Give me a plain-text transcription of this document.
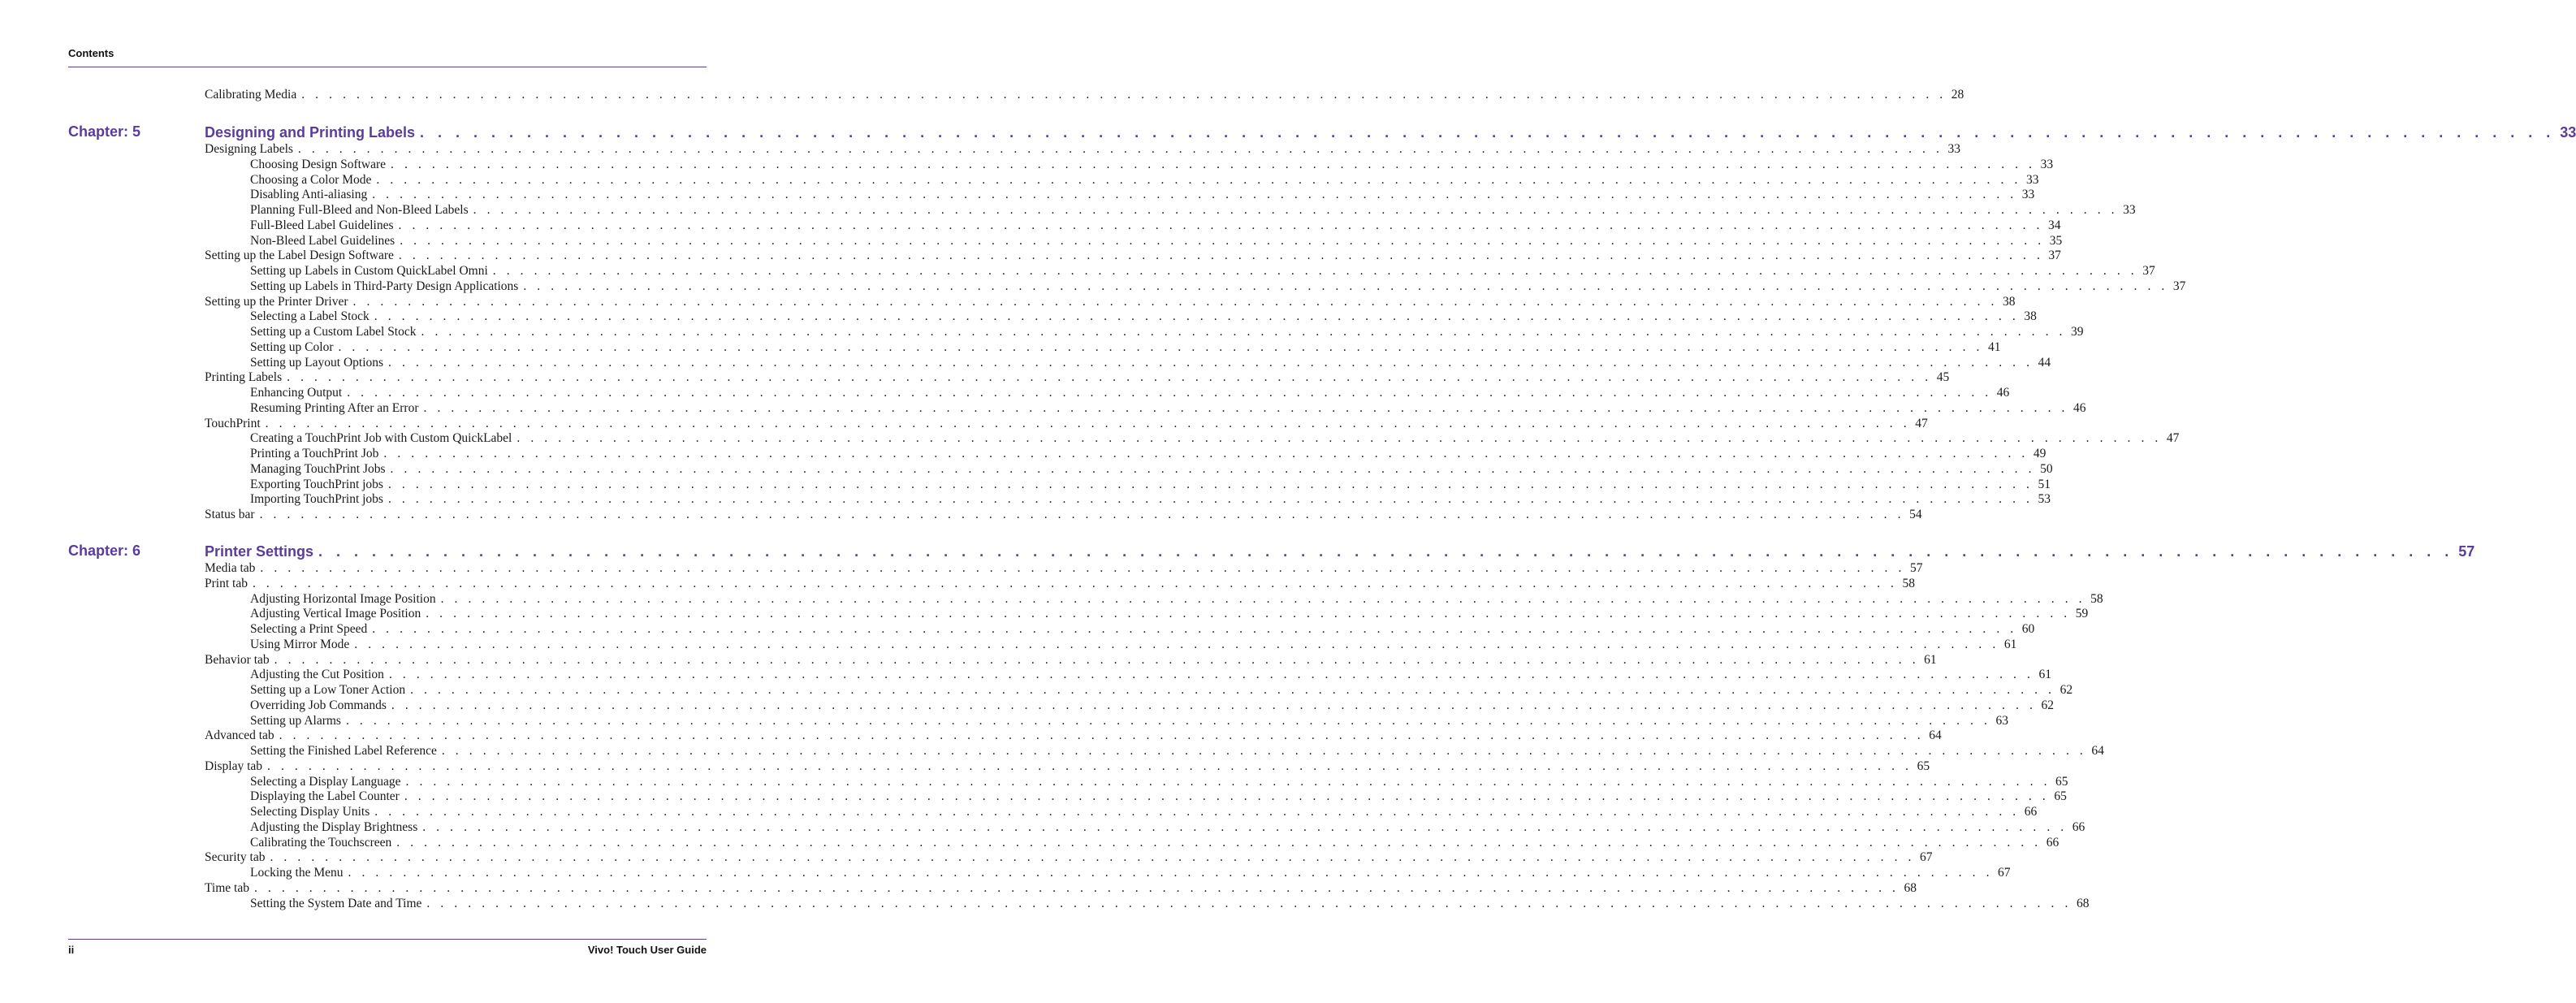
Contents
Calibrating Media . . . . . . . . . . . . . . . . . . . . . . . . . . . . . . . . . . . . . . . . . . . . . . . . . . . . . . . . . . . . . . . . . . . . . . . . . . . . . . . . . . . . . . . . . . . . . . . . . . . . . . . . . . . . . . . . . . . . . . . . 28
Chapter: 5	Designing and Printing Labels . . . . . . . . . . . . . . . . . . . . . . . . . . . . . . . . . . . . . . . . . . . . . . . . . . . . . . . . . . . . . . . . . . . . . . . . . . . . . . . . . . . . . . . . . . . . . . . . . . . . . . . . . . . . . . . . . . . . . . . . 33
Designing Labels . . . . . . . . . . . . . . . . . . . . . . . . . . . . . . . . . . . . . . . . . . . . . . . . . . . . . . . . . . . . . . . . . . . . . . . . . . . . . . . . . . . . . . . . . . . . . . . . . . . . . . . . . . . . . . . . . . . . . . . . 33
Choosing Design Software . . . . . . . . . . . . . . . . . . . . . . . . . . . . . . . . . . . . . . . . . . . . . . . . . . . . . . . . . . . . . . . . . . . . . . . . . . . . . . . . . . . . . . . . . . . . . . . . . . . . . . . . . . . . . . . . . . . . . . . . 33
Choosing a Color Mode . . . . . . . . . . . . . . . . . . . . . . . . . . . . . . . . . . . . . . . . . . . . . . . . . . . . . . . . . . . . . . . . . . . . . . . . . . . . . . . . . . . . . . . . . . . . . . . . . . . . . . . . . . . . . . . . . . . . . . . . 33
Disabling Anti-aliasing . . . . . . . . . . . . . . . . . . . . . . . . . . . . . . . . . . . . . . . . . . . . . . . . . . . . . . . . . . . . . . . . . . . . . . . . . . . . . . . . . . . . . . . . . . . . . . . . . . . . . . . . . . . . . . . . . . . . . . . . 33
Planning Full-Bleed and Non-Bleed Labels . . . . . . . . . . . . . . . . . . . . . . . . . . . . . . . . . . . . . . . . . . . . . . . . . . . . . . . . . . . . . . . . . . . . . . . . . . . . . . . . . . . . . . . . . . . . . . . . . . . . . . . . . . . . . . . . . . . . . . . . 33
Full-Bleed Label Guidelines . . . . . . . . . . . . . . . . . . . . . . . . . . . . . . . . . . . . . . . . . . . . . . . . . . . . . . . . . . . . . . . . . . . . . . . . . . . . . . . . . . . . . . . . . . . . . . . . . . . . . . . . . . . . . . . . . . . . . . . . 34
Non-Bleed Label Guidelines . . . . . . . . . . . . . . . . . . . . . . . . . . . . . . . . . . . . . . . . . . . . . . . . . . . . . . . . . . . . . . . . . . . . . . . . . . . . . . . . . . . . . . . . . . . . . . . . . . . . . . . . . . . . . . . . . . . . . . . . 35
Setting up the Label Design Software . . . . . . . . . . . . . . . . . . . . . . . . . . . . . . . . . . . . . . . . . . . . . . . . . . . . . . . . . . . . . . . . . . . . . . . . . . . . . . . . . . . . . . . . . . . . . . . . . . . . . . . . . . . . . . . . . . . . . . . . 37
Setting up Labels in Custom QuickLabel Omni . . . . . . . . . . . . . . . . . . . . . . . . . . . . . . . . . . . . . . . . . . . . . . . . . . . . . . . . . . . . . . . . . . . . . . . . . . . . . . . . . . . . . . . . . . . . . . . . . . . . . . . . . . . . . . . . . . . . . . . . 37
Setting up Labels in Third-Party Design Applications . . . . . . . . . . . . . . . . . . . . . . . . . . . . . . . . . . . . . . . . . . . . . . . . . . . . . . . . . . . . . . . . . . . . . . . . . . . . . . . . . . . . . . . . . . . . . . . . . . . . . . . . . . . . . . . . . . . . . . . . 37
Setting up the Printer Driver . . . . . . . . . . . . . . . . . . . . . . . . . . . . . . . . . . . . . . . . . . . . . . . . . . . . . . . . . . . . . . . . . . . . . . . . . . . . . . . . . . . . . . . . . . . . . . . . . . . . . . . . . . . . . . . . . . . . . . . . 38
Selecting a Label Stock . . . . . . . . . . . . . . . . . . . . . . . . . . . . . . . . . . . . . . . . . . . . . . . . . . . . . . . . . . . . . . . . . . . . . . . . . . . . . . . . . . . . . . . . . . . . . . . . . . . . . . . . . . . . . . . . . . . . . . . . 38
Setting up a Custom Label Stock . . . . . . . . . . . . . . . . . . . . . . . . . . . . . . . . . . . . . . . . . . . . . . . . . . . . . . . . . . . . . . . . . . . . . . . . . . . . . . . . . . . . . . . . . . . . . . . . . . . . . . . . . . . . . . . . . . . . . . . . 39
Setting up Color . . . . . . . . . . . . . . . . . . . . . . . . . . . . . . . . . . . . . . . . . . . . . . . . . . . . . . . . . . . . . . . . . . . . . . . . . . . . . . . . . . . . . . . . . . . . . . . . . . . . . . . . . . . . . . . . . . . . . . . . 41
Setting up Layout Options . . . . . . . . . . . . . . . . . . . . . . . . . . . . . . . . . . . . . . . . . . . . . . . . . . . . . . . . . . . . . . . . . . . . . . . . . . . . . . . . . . . . . . . . . . . . . . . . . . . . . . . . . . . . . . . . . . . . . . . . 44
Printing Labels . . . . . . . . . . . . . . . . . . . . . . . . . . . . . . . . . . . . . . . . . . . . . . . . . . . . . . . . . . . . . . . . . . . . . . . . . . . . . . . . . . . . . . . . . . . . . . . . . . . . . . . . . . . . . . . . . . . . . . . . 45
Enhancing Output . . . . . . . . . . . . . . . . . . . . . . . . . . . . . . . . . . . . . . . . . . . . . . . . . . . . . . . . . . . . . . . . . . . . . . . . . . . . . . . . . . . . . . . . . . . . . . . . . . . . . . . . . . . . . . . . . . . . . . . . 46
Resuming Printing After an Error . . . . . . . . . . . . . . . . . . . . . . . . . . . . . . . . . . . . . . . . . . . . . . . . . . . . . . . . . . . . . . . . . . . . . . . . . . . . . . . . . . . . . . . . . . . . . . . . . . . . . . . . . . . . . . . . . . . . . . . . 46
TouchPrint . . . . . . . . . . . . . . . . . . . . . . . . . . . . . . . . . . . . . . . . . . . . . . . . . . . . . . . . . . . . . . . . . . . . . . . . . . . . . . . . . . . . . . . . . . . . . . . . . . . . . . . . . . . . . . . . . . . . . . . . 47
Creating a TouchPrint Job with Custom QuickLabel . . . . . . . . . . . . . . . . . . . . . . . . . . . . . . . . . . . . . . . . . . . . . . . . . . . . . . . . . . . . . . . . . . . . . . . . . . . . . . . . . . . . . . . . . . . . . . . . . . . . . . . . . . . . . . . . . . . . . . . . 47
Printing a TouchPrint Job . . . . . . . . . . . . . . . . . . . . . . . . . . . . . . . . . . . . . . . . . . . . . . . . . . . . . . . . . . . . . . . . . . . . . . . . . . . . . . . . . . . . . . . . . . . . . . . . . . . . . . . . . . . . . . . . . . . . . . . . 49
Managing TouchPrint Jobs . . . . . . . . . . . . . . . . . . . . . . . . . . . . . . . . . . . . . . . . . . . . . . . . . . . . . . . . . . . . . . . . . . . . . . . . . . . . . . . . . . . . . . . . . . . . . . . . . . . . . . . . . . . . . . . . . . . . . . . . 50
Exporting TouchPrint jobs . . . . . . . . . . . . . . . . . . . . . . . . . . . . . . . . . . . . . . . . . . . . . . . . . . . . . . . . . . . . . . . . . . . . . . . . . . . . . . . . . . . . . . . . . . . . . . . . . . . . . . . . . . . . . . . . . . . . . . . . 51
Importing TouchPrint jobs . . . . . . . . . . . . . . . . . . . . . . . . . . . . . . . . . . . . . . . . . . . . . . . . . . . . . . . . . . . . . . . . . . . . . . . . . . . . . . . . . . . . . . . . . . . . . . . . . . . . . . . . . . . . . . . . . . . . . . . . 53
Status bar . . . . . . . . . . . . . . . . . . . . . . . . . . . . . . . . . . . . . . . . . . . . . . . . . . . . . . . . . . . . . . . . . . . . . . . . . . . . . . . . . . . . . . . . . . . . . . . . . . . . . . . . . . . . . . . . . . . . . . . . 54
Chapter: 6	Printer Settings . . . . . . . . . . . . . . . . . . . . . . . . . . . . . . . . . . . . . . . . . . . . . . . . . . . . . . . . . . . . . . . . . . . . . . . . . . . . . . . . . . . . . . . . . . . . . . . . . . . . . . . . . . . . . . . . . . . . . . . . 57
Media tab . . . . . . . . . . . . . . . . . . . . . . . . . . . . . . . . . . . . . . . . . . . . . . . . . . . . . . . . . . . . . . . . . . . . . . . . . . . . . . . . . . . . . . . . . . . . . . . . . . . . . . . . . . . . . . . . . . . . . . . . 57
Print tab . . . . . . . . . . . . . . . . . . . . . . . . . . . . . . . . . . . . . . . . . . . . . . . . . . . . . . . . . . . . . . . . . . . . . . . . . . . . . . . . . . . . . . . . . . . . . . . . . . . . . . . . . . . . . . . . . . . . . . . . 58
Adjusting Horizontal Image Position . . . . . . . . . . . . . . . . . . . . . . . . . . . . . . . . . . . . . . . . . . . . . . . . . . . . . . . . . . . . . . . . . . . . . . . . . . . . . . . . . . . . . . . . . . . . . . . . . . . . . . . . . . . . . . . . . . . . . . . . 58
Adjusting Vertical Image Position . . . . . . . . . . . . . . . . . . . . . . . . . . . . . . . . . . . . . . . . . . . . . . . . . . . . . . . . . . . . . . . . . . . . . . . . . . . . . . . . . . . . . . . . . . . . . . . . . . . . . . . . . . . . . . . . . . . . . . . . 59
Selecting a Print Speed . . . . . . . . . . . . . . . . . . . . . . . . . . . . . . . . . . . . . . . . . . . . . . . . . . . . . . . . . . . . . . . . . . . . . . . . . . . . . . . . . . . . . . . . . . . . . . . . . . . . . . . . . . . . . . . . . . . . . . . . 60
Using Mirror Mode . . . . . . . . . . . . . . . . . . . . . . . . . . . . . . . . . . . . . . . . . . . . . . . . . . . . . . . . . . . . . . . . . . . . . . . . . . . . . . . . . . . . . . . . . . . . . . . . . . . . . . . . . . . . . . . . . . . . . . . . 61
Behavior tab . . . . . . . . . . . . . . . . . . . . . . . . . . . . . . . . . . . . . . . . . . . . . . . . . . . . . . . . . . . . . . . . . . . . . . . . . . . . . . . . . . . . . . . . . . . . . . . . . . . . . . . . . . . . . . . . . . . . . . . . 61
Adjusting the Cut Position . . . . . . . . . . . . . . . . . . . . . . . . . . . . . . . . . . . . . . . . . . . . . . . . . . . . . . . . . . . . . . . . . . . . . . . . . . . . . . . . . . . . . . . . . . . . . . . . . . . . . . . . . . . . . . . . . . . . . . . . 61
Setting up a Low Toner Action . . . . . . . . . . . . . . . . . . . . . . . . . . . . . . . . . . . . . . . . . . . . . . . . . . . . . . . . . . . . . . . . . . . . . . . . . . . . . . . . . . . . . . . . . . . . . . . . . . . . . . . . . . . . . . . . . . . . . . . . 62
Overriding Job Commands . . . . . . . . . . . . . . . . . . . . . . . . . . . . . . . . . . . . . . . . . . . . . . . . . . . . . . . . . . . . . . . . . . . . . . . . . . . . . . . . . . . . . . . . . . . . . . . . . . . . . . . . . . . . . . . . . . . . . . . . 62
Setting up Alarms . . . . . . . . . . . . . . . . . . . . . . . . . . . . . . . . . . . . . . . . . . . . . . . . . . . . . . . . . . . . . . . . . . . . . . . . . . . . . . . . . . . . . . . . . . . . . . . . . . . . . . . . . . . . . . . . . . . . . . . . 63
Advanced tab . . . . . . . . . . . . . . . . . . . . . . . . . . . . . . . . . . . . . . . . . . . . . . . . . . . . . . . . . . . . . . . . . . . . . . . . . . . . . . . . . . . . . . . . . . . . . . . . . . . . . . . . . . . . . . . . . . . . . . . . 64
Setting the Finished Label Reference . . . . . . . . . . . . . . . . . . . . . . . . . . . . . . . . . . . . . . . . . . . . . . . . . . . . . . . . . . . . . . . . . . . . . . . . . . . . . . . . . . . . . . . . . . . . . . . . . . . . . . . . . . . . . . . . . . . . . . . . 64
Display tab . . . . . . . . . . . . . . . . . . . . . . . . . . . . . . . . . . . . . . . . . . . . . . . . . . . . . . . . . . . . . . . . . . . . . . . . . . . . . . . . . . . . . . . . . . . . . . . . . . . . . . . . . . . . . . . . . . . . . . . . 65
Selecting a Display Language . . . . . . . . . . . . . . . . . . . . . . . . . . . . . . . . . . . . . . . . . . . . . . . . . . . . . . . . . . . . . . . . . . . . . . . . . . . . . . . . . . . . . . . . . . . . . . . . . . . . . . . . . . . . . . . . . . . . . . . . 65
Displaying the Label Counter . . . . . . . . . . . . . . . . . . . . . . . . . . . . . . . . . . . . . . . . . . . . . . . . . . . . . . . . . . . . . . . . . . . . . . . . . . . . . . . . . . . . . . . . . . . . . . . . . . . . . . . . . . . . . . . . . . . . . . . . 65
Selecting Display Units . . . . . . . . . . . . . . . . . . . . . . . . . . . . . . . . . . . . . . . . . . . . . . . . . . . . . . . . . . . . . . . . . . . . . . . . . . . . . . . . . . . . . . . . . . . . . . . . . . . . . . . . . . . . . . . . . . . . . . . . 66
Adjusting the Display Brightness . . . . . . . . . . . . . . . . . . . . . . . . . . . . . . . . . . . . . . . . . . . . . . . . . . . . . . . . . . . . . . . . . . . . . . . . . . . . . . . . . . . . . . . . . . . . . . . . . . . . . . . . . . . . . . . . . . . . . . . . 66
Calibrating the Touchscreen . . . . . . . . . . . . . . . . . . . . . . . . . . . . . . . . . . . . . . . . . . . . . . . . . . . . . . . . . . . . . . . . . . . . . . . . . . . . . . . . . . . . . . . . . . . . . . . . . . . . . . . . . . . . . . . . . . . . . . . . 66
Security tab . . . . . . . . . . . . . . . . . . . . . . . . . . . . . . . . . . . . . . . . . . . . . . . . . . . . . . . . . . . . . . . . . . . . . . . . . . . . . . . . . . . . . . . . . . . . . . . . . . . . . . . . . . . . . . . . . . . . . . . . 67
Locking the Menu . . . . . . . . . . . . . . . . . . . . . . . . . . . . . . . . . . . . . . . . . . . . . . . . . . . . . . . . . . . . . . . . . . . . . . . . . . . . . . . . . . . . . . . . . . . . . . . . . . . . . . . . . . . . . . . . . . . . . . . . 67
Time tab . . . . . . . . . . . . . . . . . . . . . . . . . . . . . . . . . . . . . . . . . . . . . . . . . . . . . . . . . . . . . . . . . . . . . . . . . . . . . . . . . . . . . . . . . . . . . . . . . . . . . . . . . . . . . . . . . . . . . . . . 68
Setting the System Date and Time . . . . . . . . . . . . . . . . . . . . . . . . . . . . . . . . . . . . . . . . . . . . . . . . . . . . . . . . . . . . . . . . . . . . . . . . . . . . . . . . . . . . . . . . . . . . . . . . . . . . . . . . . . . . . . . . . . . . . . . . 68
ii	Vivo! Touch User Guide
